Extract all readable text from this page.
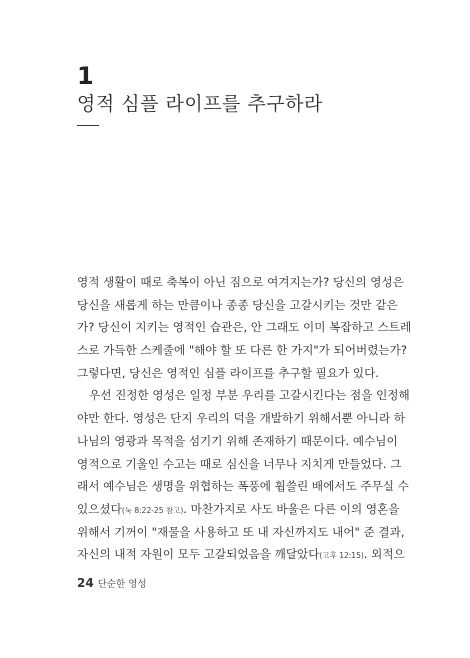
1
영적 심플 라이프를 추구하라
영적 생활이 때로 축복이 아닌 짐으로 여겨지는가? 당신의 영성은
당신을 새롭게 하는 만큼이나 종종 당신을 고갈시키는 것만 같은
가? 당신이 지키는 영적인 습관은, 안 그래도 이미 복잡하고 스트레
스로 가득한 스케줄에 "해야 할 또 다른 한 가지"가 되어버렸는가?
그렇다면, 당신은 영적인 심플 라이프를 추구할 필요가 있다.
우선 진정한 영성은 일정 부분 우리를 고갈시킨다는 점을 인정해
야만 한다. 영성은 단지 우리의 덕을 개발하기 위해서뿐 아니라 하
나님의 영광과 목적을 섬기기 위해 존재하기 때문이다. 예수님이
영적으로 기울인 수고는 때로 심신을 너무나 지치게 만들었다. 그
래서 예수님은 생명을 위협하는 폭풍에 휩쓸린 배에서도 주무실 수
있으셨다(눅 8:22-25 참고). 마찬가지로 사도 바울은 다른 이의 영혼을
위해서 기꺼이 "재물을 사용하고 또 내 자신까지도 내어" 준 결과,
자신의 내적 자원이 모두 고갈되었음을 깨달았다(고후 12:15). 외적으
24 단순한 영성
